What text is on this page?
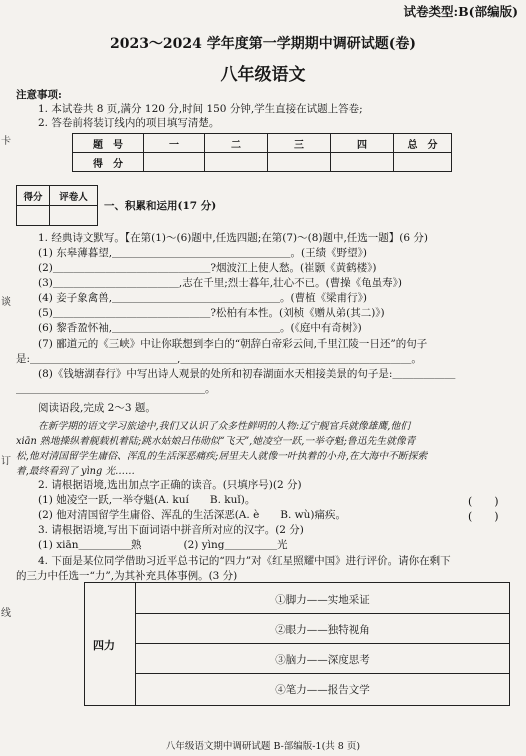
卡
谈
订
线
试卷类型:B(部编版)
2023～2024 学年度第一学期期中调研试题(卷)
八年级语文
注意事项:
1. 本试卷共 8 页,满分 120 分,时间 150 分钟,学生直接在试题上答卷;
2. 答卷前将装订线内的项目填写清楚。
题　号	一	二	三	四	总　分
得　分					
得分	评卷人

一、积累和运用(17 分)
1. 经典诗文默写。【在第(1)～(6)题中,任选四题;在第(7)～(8)题中,任选一题】(6 分)
(1) 东皋薄暮望,＿＿＿＿＿＿＿＿＿＿＿＿＿＿＿＿＿。(王绩《野望》)
(2)＿＿＿＿＿＿＿＿＿＿＿＿＿＿＿?烟波江上使人愁。(崔颢《黄鹤楼》)
(3)＿＿＿＿＿＿＿＿＿＿＿＿,志在千里;烈士暮年,壮心不已。(曹操《龟虽寿》)
(4) 妾子象禽兽,＿＿＿＿＿＿＿＿＿＿＿＿＿＿＿＿。(曹植《梁甫行》)
(5)＿＿＿＿＿＿＿＿＿＿＿＿＿＿＿?松柏有本性。(刘桢《赠从弟(其二)》)
(6) 黎香盈怀袖,＿＿＿＿＿＿＿＿＿＿＿＿＿＿＿＿。(《庭中有奇树》)
(7) 郦道元的《三峡》中让你联想到李白的“朝辞白帝彩云间,千里江陵一日还”的句子
是:＿＿＿＿＿＿＿＿＿＿＿＿＿＿,＿＿＿＿＿＿＿＿＿＿＿＿＿＿＿＿＿＿＿＿＿＿。
(8)《钱塘湖春行》中写出诗人观景的处所和初春湖面水天相接美景的句子是:＿＿＿＿＿＿
＿＿＿＿＿＿＿＿＿＿＿＿＿＿＿＿＿＿。
阅读语段,完成 2～3 题。
在新学期的语文学习旅途中,我们又认识了众多性鲜明的人物:辽宁舰官兵就像雄鹰,他们
xiān 熟地操纵着舰载机着陆;跳水姑娘吕伟勋似“飞天”,她凌空一跃,一举夺魁;鲁迅先生就像青
松,他对清国留学生庸俗、浑乱的生活深恶痛疾;居里夫人就像一叶执着的小舟,在大海中不断探索
着,最终看到了 yìng 光……
2. 请根据语境,选出加点字正确的读音。(只填序号)(2 分)
(1) 她凌空一跃,一举夺魁(A. kuí　　B. kuǐ)。	(　　)
(2) 他对清国留学生庸俗、浑乱的生活深恶(A. è　　B. wù)痛疾。	(　　)
3. 请根据语境,写出下面词语中拼音所对应的汉字。(2 分)
(1) xiān＿＿＿＿＿熟　　　　(2) yìng＿＿＿＿＿光
4. 下面是某位同学借助习近平总书记的“四力”对《红星照耀中国》进行评价。请你在剩下
的三力中任选一“力”,为其补充具体事例。(3 分)
四力
①脚力——实地采证
②眼力——独特视角
③脑力——深度思考
④笔力——报告文学
八年级语文期中调研试题 B-部编版-1(共 8 页)
